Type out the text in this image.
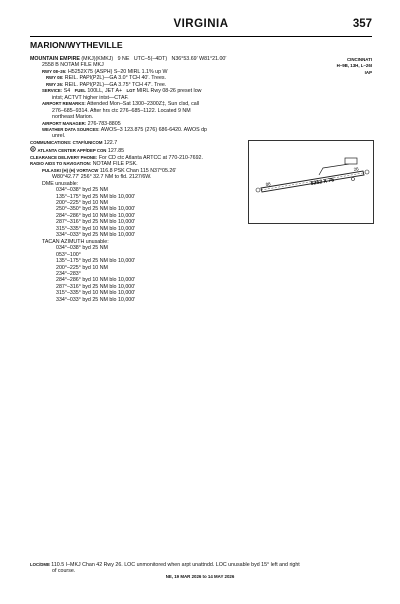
VIRGINIA	357
MARION/WYTHEVILLE
CINCINNATI
H–9B, 13H, L–26I
IAP
MOUNTAIN EMPIRE (MKJ)(KMKJ) 9 NE UTC–5(–4DT) N36°53.69′ W81°21.00′
2558 B NOTAM FILE MKJ
RWY 08–26: H5252X75 (ASPH) S–20 MIRL 1.1% up W
RWY 08: REIL. PAPI(P2L)—GA 3.0° TCH 40′. Trees.
RWY 26: REIL. PAPI(P2L)—GA 3.75° TCH 47′. Tree.
SERVICE: S4 FUEL 100LL, JET A+ LGT MIRL Rwy 08-26 preset low
intst; ACTVT higher intst—CTAF.
AIRPORT REMARKS: Attended Mon–Sat 1300–2300Z‡, Sun clsd, call
276–685–9314. After hrs ctc 276–685–1122. Located 9 NM
northeast Marion.
AIRPORT MANAGER: 276-783-8805
WEATHER DATA SOURCES: AWOS–3 123.875 (276) 686-6420. AWOS dp
unrel.
COMMUNICATIONS: CTAF/UNICOM 122.7
R ATLANTA CENTER APP/DEP CON 127.85
CLEARANCE DELIVERY PHONE: For CD ctc Atlanta ARTCC at 770-210-7692.
RADIO AIDS TO NAVIGATION: NOTAM FILE PSK.
PULASKI (H) (H) VORTACW 116.8 PSK Chan 115 N37°05.26′
W80°42.77′ 256° 32.7 NM to fld. 2127/6W.
DME unusable:
034°–038° byd 25 NM
135°–175° byd 25 NM blo 10,000′
200°–225° byd 10 NM
250°–350° byd 25 NM blo 10,000′
284°–286° byd 10 NM blo 10,000′
287°–316° byd 25 NM blo 10,000′
315°–335° byd 10 NM blo 10,000′
334°–033° byd 25 NM blo 10,000′
TACAN AZIMUTH unusable:
034°–038° byd 25 NM
053°–100°
135°–175° byd 25 NM blo 10,000′
200°–225° byd 10 NM
234°–283°
284°–286° byd 10 NM blo 10,000′
287°–316° byd 25 NM blo 10,000′
315°–335° byd 10 NM blo 10,000′
334°–033° byd 25 NM blo 10,000′
LOC/DME 110.5 I–MKJ Chan 42 Rwy 26. LOC unmonitored when arpt unattndd. LOC unusable byd 15° left and right
of course.
5252 X 75
08
26
NE, 19 MAR 2026 to 14 MAY 2026
